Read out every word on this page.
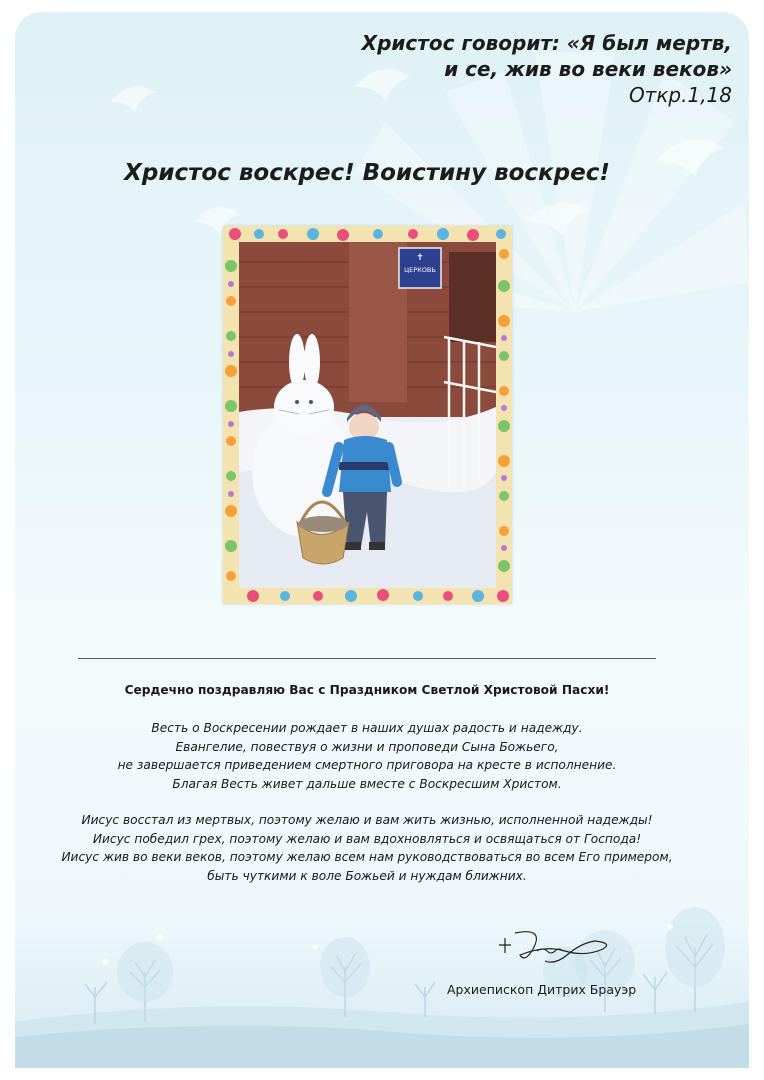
Христос говорит: «Я был мертв,
и се, жив во веки веков»
Откр.1,18
Христос воскрес! Воистину воскрес!
✝
ЦЕРКОВЬ
Сердечно поздравляю Вас с Праздником Светлой Христовой Пасхи!
Весть о Воскресении рождает в наших душах радость и надежду.
Евангелие, повествуя о жизни и проповеди Сына Божьего,
не завершается приведением смертного приговора на кресте в исполнение.
Благая Весть живет дальше вместе с Воскресшим Христом.
Иисус восстал из мертвых, поэтому желаю и вам жить жизнью, исполненной надежды!
Иисус победил грех, поэтому желаю и вам вдохновляться и освящаться от Господа!
Иисус жив во веки веков, поэтому желаю всем нам руководствоваться во всем Его примером,
быть чуткими к воле Божьей и нуждам ближних.
Архиепископ Дитрих Брауэр
